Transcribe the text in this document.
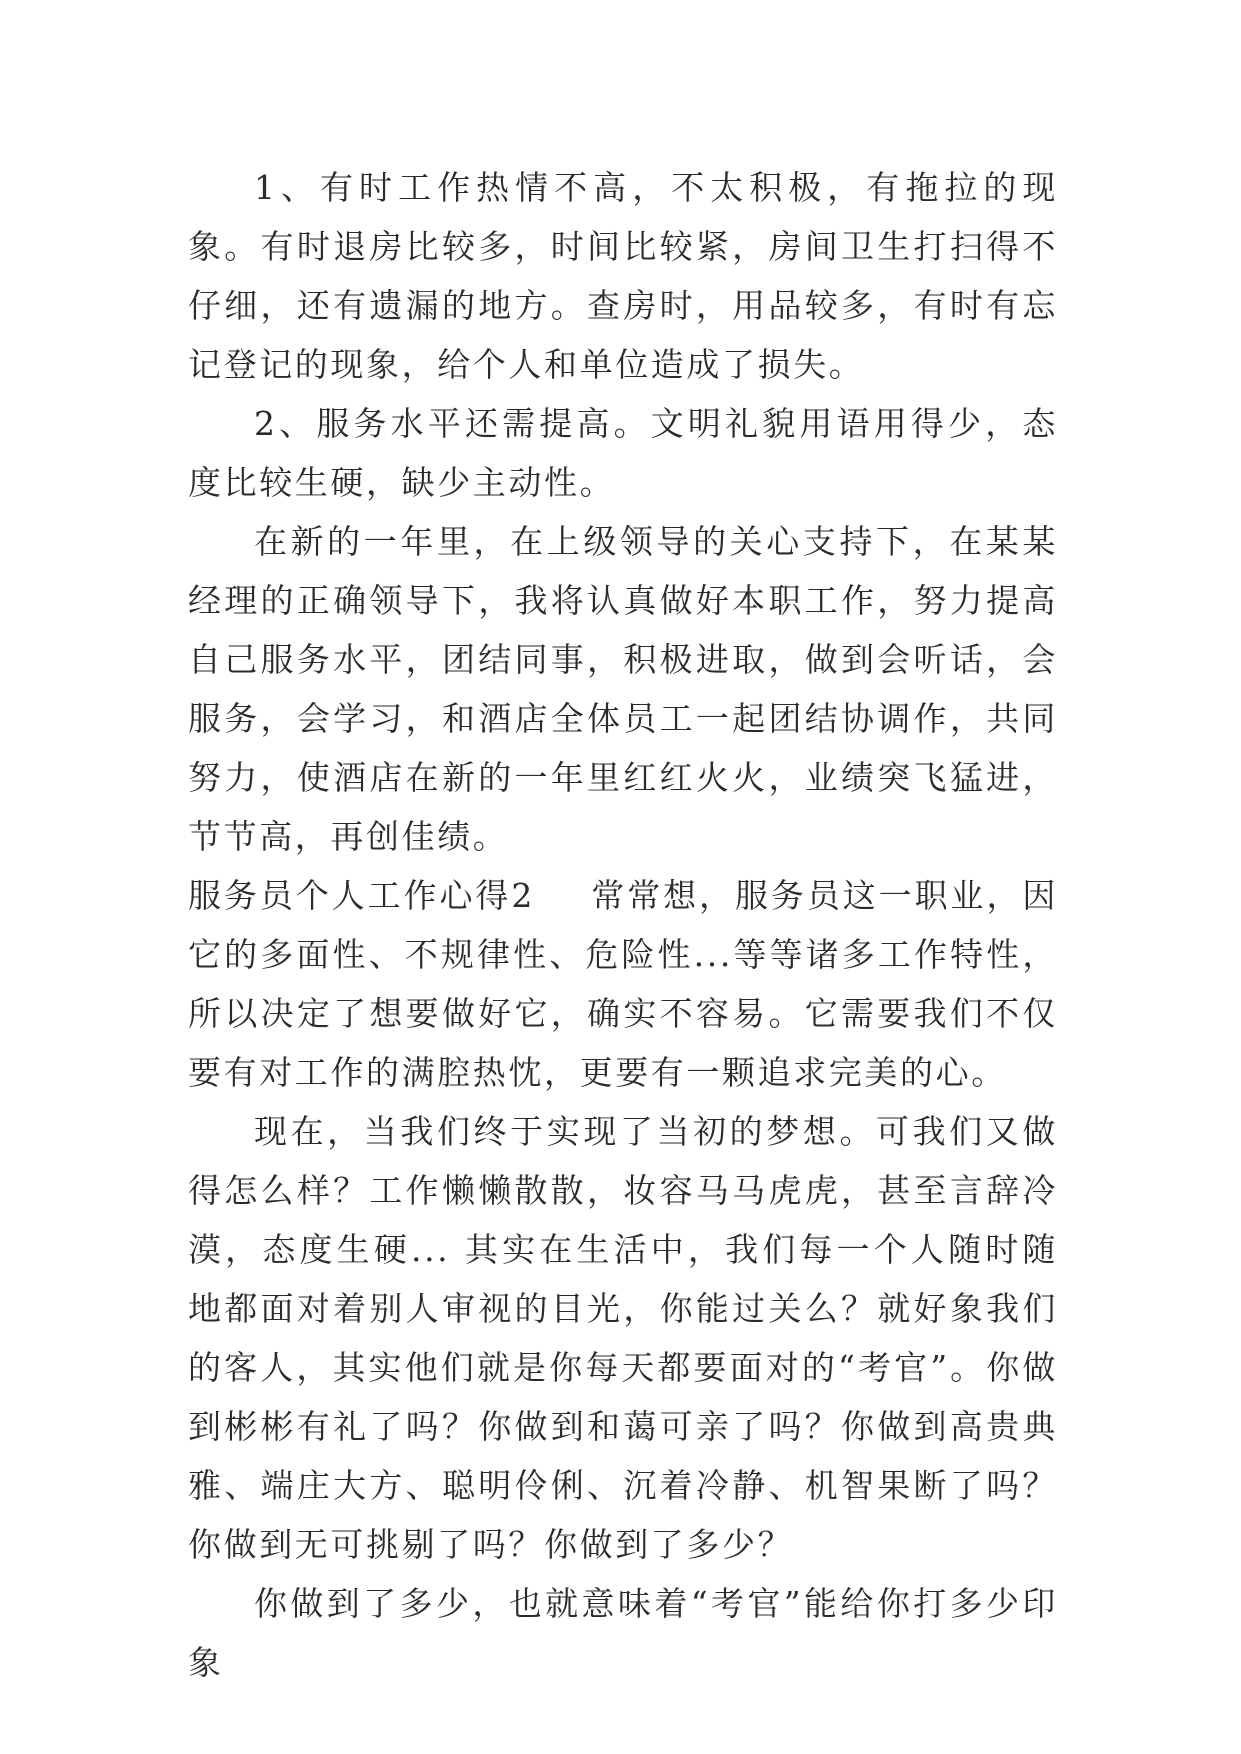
1、有时工作热情不高，不太积极，有拖拉的现象。有时退房比较多，时间比较紧，房间卫生打扫得不仔细，还有遗漏的地方。查房时，用品较多，有时有忘记登记的现象，给个人和单位造成了损失。

2、服务水平还需提高。文明礼貌用语用得少，态度比较生硬，缺少主动性。

在新的一年里，在上级领导的关心支持下，在某某经理的正确领导下，我将认真做好本职工作，努力提高自己服务水平，团结同事，积极进取，做到会听话，会服务，会学习，和酒店全体员工一起团结协调作，共同努力，使酒店在新的一年里红红火火，业绩突飞猛进，节节高，再创佳绩。

服务员个人工作心得2 常常想，服务员这一职业，因它的多面性、不规律性、危险性...等等诸多工作特性，所以决定了想要做好它，确实不容易。它需要我们不仅要有对工作的满腔热忱，更要有一颗追求完美的心。

现在，当我们终于实现了当初的梦想。可我们又做得怎么样？工作懒懒散散，妆容马马虎虎，甚至言辞冷漠，态度生硬... 其实在生活中，我们每一个人随时随地都面对着别人审视的目光，你能过关么？就好象我们的客人，其实他们就是你每天都要面对的“考官”。你做到彬彬有礼了吗？你做到和蔼可亲了吗？你做到高贵典雅、端庄大方、聪明伶俐、沉着冷静、机智果断了吗？你做到无可挑剔了吗？你做到了多少？

你做到了多少，也就意味着“考官”能给你打多少印象
